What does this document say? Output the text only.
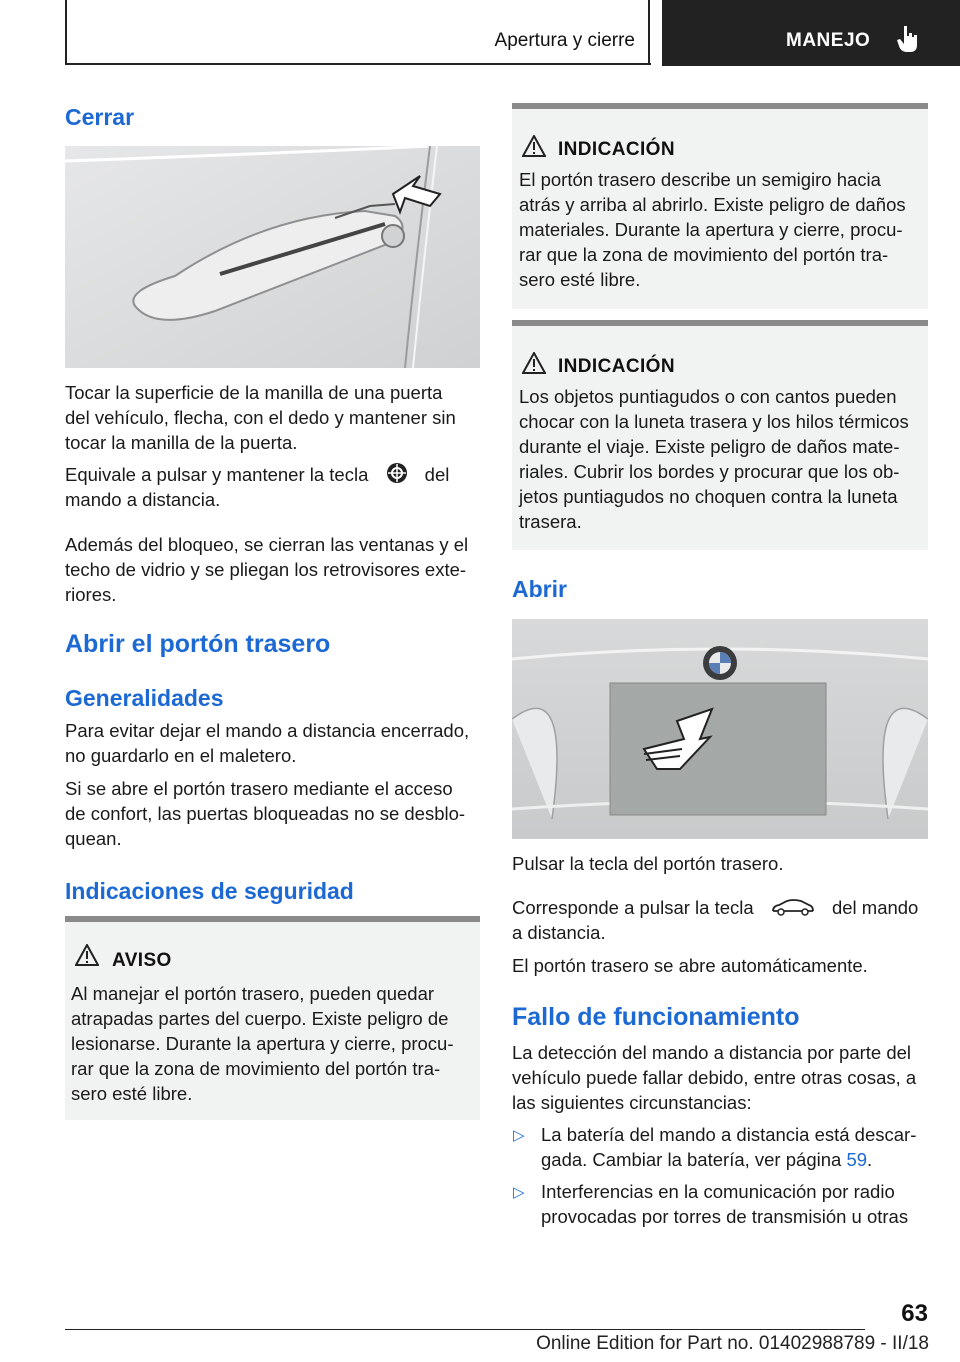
Apertura y cierre	MANEJO
Cerrar

Tocar la superficie de la manilla de una puerta
del vehículo, flecha, con el dedo y mantener sin
tocar la manilla de la puerta.

Equivale a pulsar y mantener la tecla	del
mando a distancia.

Además del bloqueo, se cierran las ventanas y el
techo de vidrio y se pliegan los retrovisores exte-
riores.

Abrir el portón trasero
Generalidades

Para evitar dejar el mando a distancia encerrado,
no guardarlo en el maletero.

Si se abre el portón trasero mediante el acceso
de confort, las puertas bloqueadas no se desblo-
quean.

Indicaciones de seguridad
AVISO
Al manejar el portón trasero, pueden quedar
atrapadas partes del cuerpo. Existe peligro de
lesionarse. Durante la apertura y cierre, procu-
rar que la zona de movimiento del portón tra-
sero esté libre.
INDICACIÓN
El portón trasero describe un semigiro hacia
atrás y arriba al abrirlo. Existe peligro de daños
materiales. Durante la apertura y cierre, procu-
rar que la zona de movimiento del portón tra-
sero esté libre.
INDICACIÓN
Los objetos puntiagudos o con cantos pueden
chocar con la luneta trasera y los hilos térmicos
durante el viaje. Existe peligro de daños mate-
riales. Cubrir los bordes y procurar que los ob-
jetos puntiagudos no choquen contra la luneta
trasera.
Abrir

Pulsar la tecla del portón trasero.

Corresponde a pulsar la tecla	del mando
a distancia.

El portón trasero se abre automáticamente.

Fallo de funcionamiento

La detección del mando a distancia por parte del
vehículo puede fallar debido, entre otras cosas, a
las siguientes circunstancias:

▷ La batería del mando a distancia está descar-
gada. Cambiar la batería, ver página 59.

▷ Interferencias en la comunicación por radio
provocadas por torres de transmisión u otras

63
Online Edition for Part no. 01402988789 - II/18
